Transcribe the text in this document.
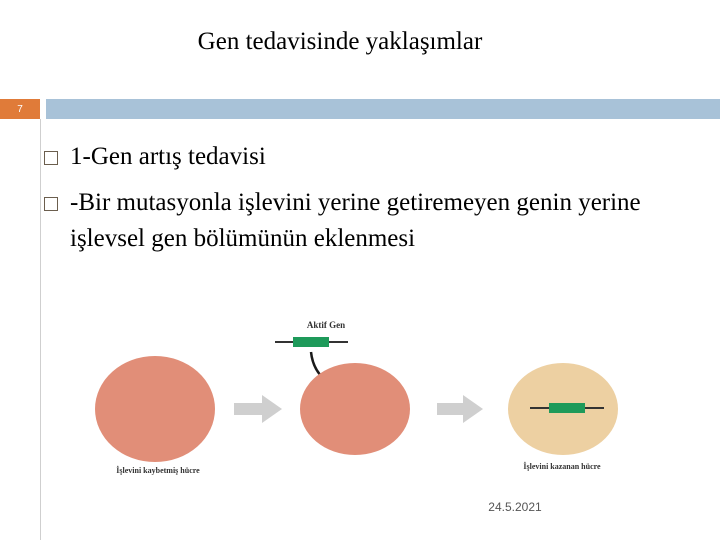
Gen tedavisinde yaklaşımlar
7
1-Gen artış tedavisi
-Bir mutasyonla işlevini yerine getiremeyen genin yerine işlevsel gen bölümünün eklenmesi
Aktif Gen
İşlevini kaybetmiş hücre	İşlevini kazanan hücre
24.5.2021
